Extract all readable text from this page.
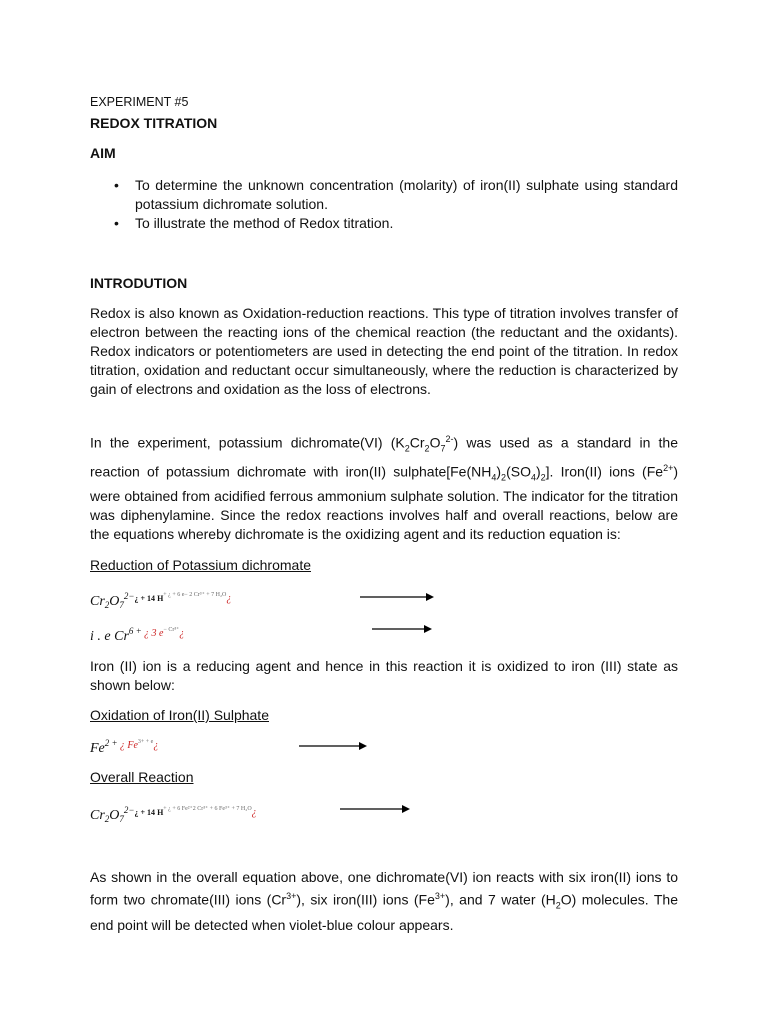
EXPERIMENT #5
REDOX TITRATION
AIM
• To determine the unknown concentration (molarity) of iron(II) sulphate using standard potassium dichromate solution.
• To illustrate the method of Redox titration.
INTRODUTION

Redox is also known as Oxidation-reduction reactions. This type of titration involves transfer of electron between the reacting ions of the chemical reaction (the reductant and the oxidants). Redox indicators or potentiometers are used in detecting the end point of the titration. In redox titration, oxidation and reductant occur simultaneously, where the reduction is characterized by gain of electrons and oxidation as the loss of electrons.

In the experiment, potassium dichromate(VI) $(K_2Cr_2O_7^{2-})$ was used as a standard in the reaction of potassium dichromate with iron(II) $sulphate[Fe(NH_4)_2(SO_4)_2]$. Iron(II) ions $(Fe^{2+})$ were obtained from acidified ferrous ammonium sulphate solution. The indicator for the titration was diphenylamine. Since the redox reactions involves half and overall reactions, below are the equations whereby dichromate is the oxidizing agent and its reduction equation is:

Reduction of Potassium dichromate
$Cr_2O_7^{2-¿ + 14}$ $^{H+ ¿ + 6 e- 2 Cr^{3+} + 7 H_2O¿}$
i . e $Cr^{6 +}$ $^{¿ 3 e- Cr^{3+}¿}$

Iron (II) ion is a reducing agent and hence in this reaction it is oxidized to iron (III) state as shown below:

Oxidation of Iron(II) Sulphate
$Fe^{2 +}$ $^{¿ Fe3+ + e¿}$
Overall Reaction
$Cr_2O_7^{2-¿ + 14}$ $^{H+ ¿ + 6 Fe^{2+}2 Cr^{3+} + 6 Fe^{3+} + 7 H_2O¿}$

As shown in the overall equation above, one dichromate(VI) ion reacts with six iron(II) ions to form two chromate(III) ions $(Cr^{3+})$, six iron(III) ions $(Fe^{3+})$, and 7 water $(H_2O)$ molecules. The end point will be detected when violet-blue colour appears.
